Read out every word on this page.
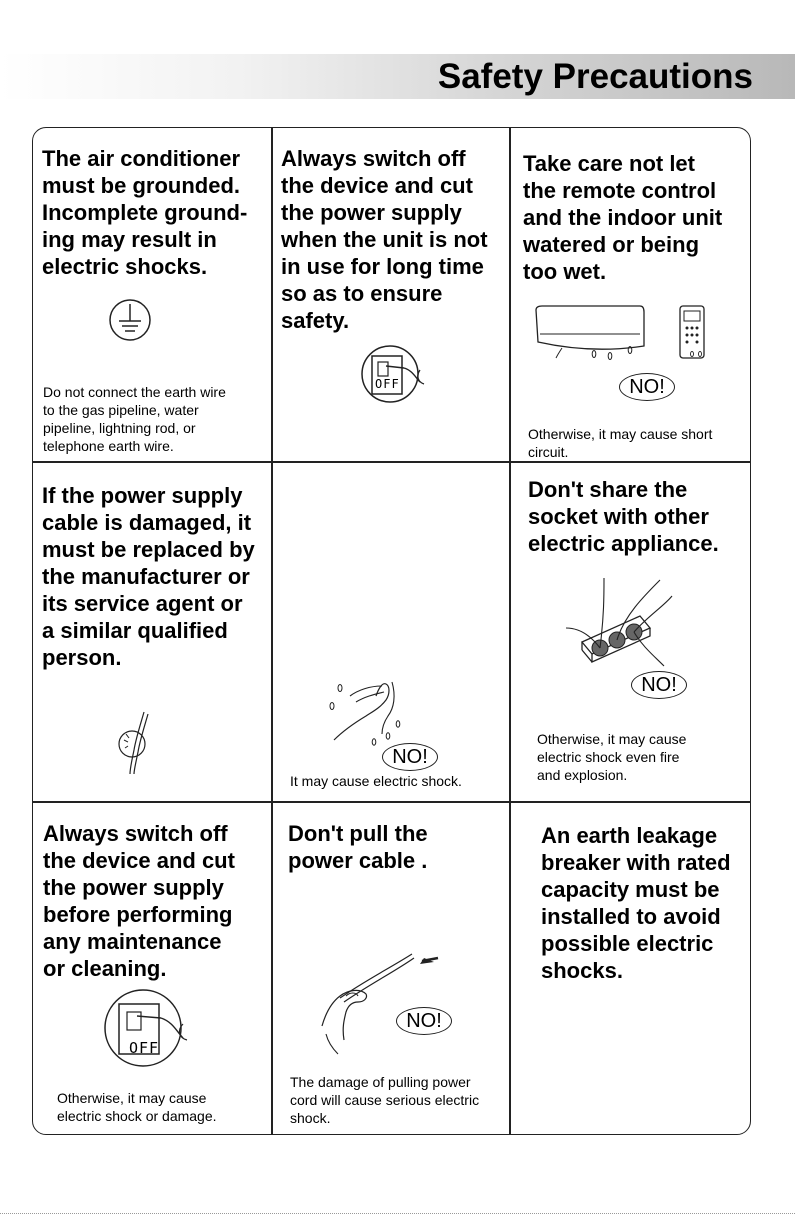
Safety Precautions

The air conditioner
must be grounded.
Incomplete ground-
ing may result in
electric shocks.

Do not connect the earth wire
to the gas pipeline, water
pipeline, lightning rod, or
telephone earth wire.

Always switch off
the device and cut
the power supply
when the unit is not
in use for long time
so as to ensure
safety.

OFF

Take care not let
the remote control
and the indoor unit
watered or being
too wet.

NO!

Otherwise, it may cause short
circuit.

If the power supply
cable is damaged, it
must be replaced by
the manufacturer or
its service agent or
a similar qualified
person.

NO!

It may cause electric shock.

Don't share the
socket with other
electric appliance.

NO!

Otherwise, it may cause
electric shock even fire
and explosion.

Always switch off
the device and cut
the power supply
before performing
any maintenance
or cleaning.

OFF

Otherwise, it may cause
electric shock or damage.

Don't pull the
power cable .

NO!

The damage of pulling power
cord will cause serious electric
shock.

An earth leakage
breaker with rated
capacity must be
installed to avoid
possible electric
shocks.
